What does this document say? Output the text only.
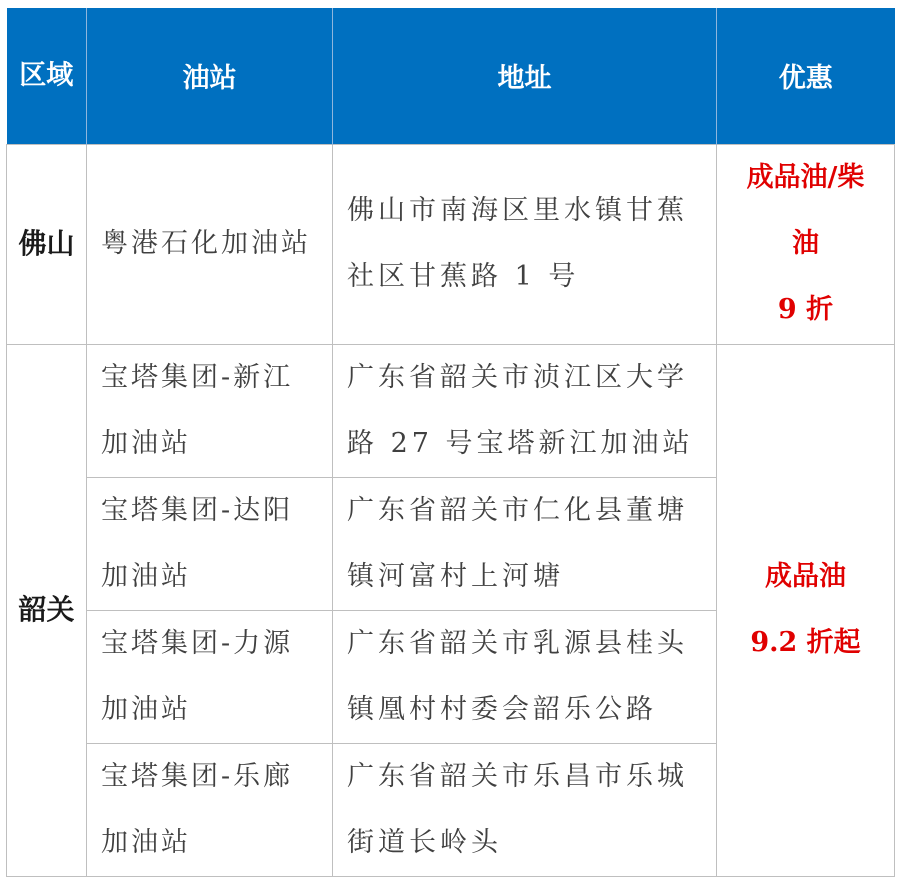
区域	油站	地址	优惠
佛山	粤港石化加油站	佛山市南海区里水镇甘蕉社区甘蕉路 1 号	成品油/柴
油
9 折

韶关	宝塔集团-新江加油站	广东省韶关市浈江区大学路 27 号宝塔新江加油站	成品油
9.2 折起

	宝塔集团-达阳加油站	广东省韶关市仁化县董塘镇河富村上河塘	
	宝塔集团-力源加油站	广东省韶关市乳源县桂头镇凰村村委会韶乐公路	
	宝塔集团-乐廊加油站	广东省韶关市乐昌市乐城街道长岭头	
